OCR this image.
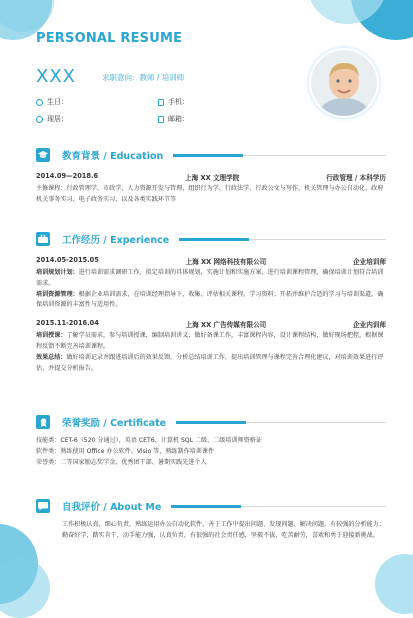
PERSONAL RESUME
XXX	求职意向：教师 / 培训师
生日：	手机：
现居：	邮箱：
教育背景 / Education
2014.09—2018.6	上海 XX 文理学院	行政管理 / 本科学历

主修课程：行政管理学、市政学、人力资源开发与管理、组织行为学、行政法学、行政公文与写作、机关管理与办公自动化、政府机关事务实习、电子政务实习，以及各类实践环节等

工作经历 / Experience
2014.05-2015.05	上海 XX 网络科技有限公司	企业培训师

培训规划计划：进行培训需求调研工作，拟定培训的具体规划，实施计划和实施方案，进行培训课程管理，确保培训计划符合培训需求。

培训资源管理：根据企业培训需求，在培训经理指导下，收集、评估相关课程、学习资料；开拓并维护合适的学习与培训渠道，确保培训资源的丰富性与适用性。

2015.11-2016.04	上海 XX 广告传媒有限公司	企业内训师

培训授课：了解学员需求，参与培训授课，编制培训讲义，做好备课工作，丰富课程内容，设计课程结构，做好现场把控，根据课程反馈不断完善培训课程。

效果总结：做好培训记录并跟进培训后的效果反馈，分析总结培训工作，提出培训管理与课程完善合理化建议，对培训效果进行评估，并提交分析报告。

荣誉奖励 / Certificate

技能类：CET-6（520 分通过），英语 CET6、计算机 SQL 二级、二级培训师资格证

软件类：熟练使用 Office 办公软件、Visio 等，熟练制作培训课件

荣誉类：二等国家励志奖学金、优秀团干部、暑期实践先进个人

自我评价 / About Me

工作积极认真，细心负责，熟练运用办公自动化软件，善于工作中提出问题、发现问题、解决问题，有较强的分析能力；勤奋好学，踏实肯干，动手能力强，认真负责，有很强的社会责任感，坚毅不拔，吃苦耐劳，喜欢和勇于迎接新挑战。
